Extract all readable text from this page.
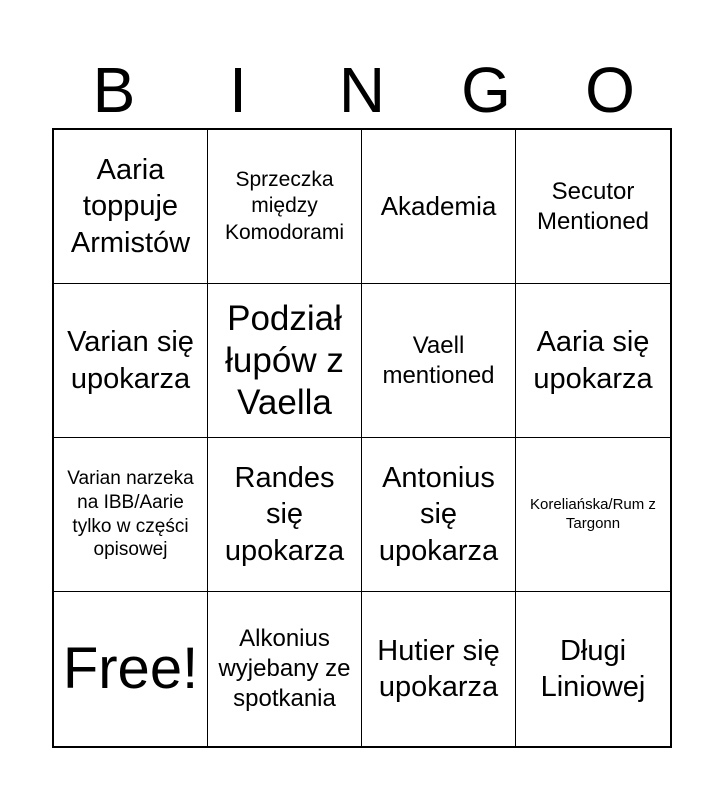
B	I	N	G	O
Aaria toppuje Armistów
Sprzeczka między Komodorami
Akademia
Secutor Mentioned
Varian się upokarza
Podział łupów z Vaella
Vaell mentioned
Aaria się upokarza
Varian narzeka na IBB/Aarie tylko w części opisowej
Randes się upokarza
Antonius się upokarza
Koreliańska/Rum z Targonn
Free!	Alkonius wyjebany ze spotkania
Hutier się upokarza
Długi Liniowej
